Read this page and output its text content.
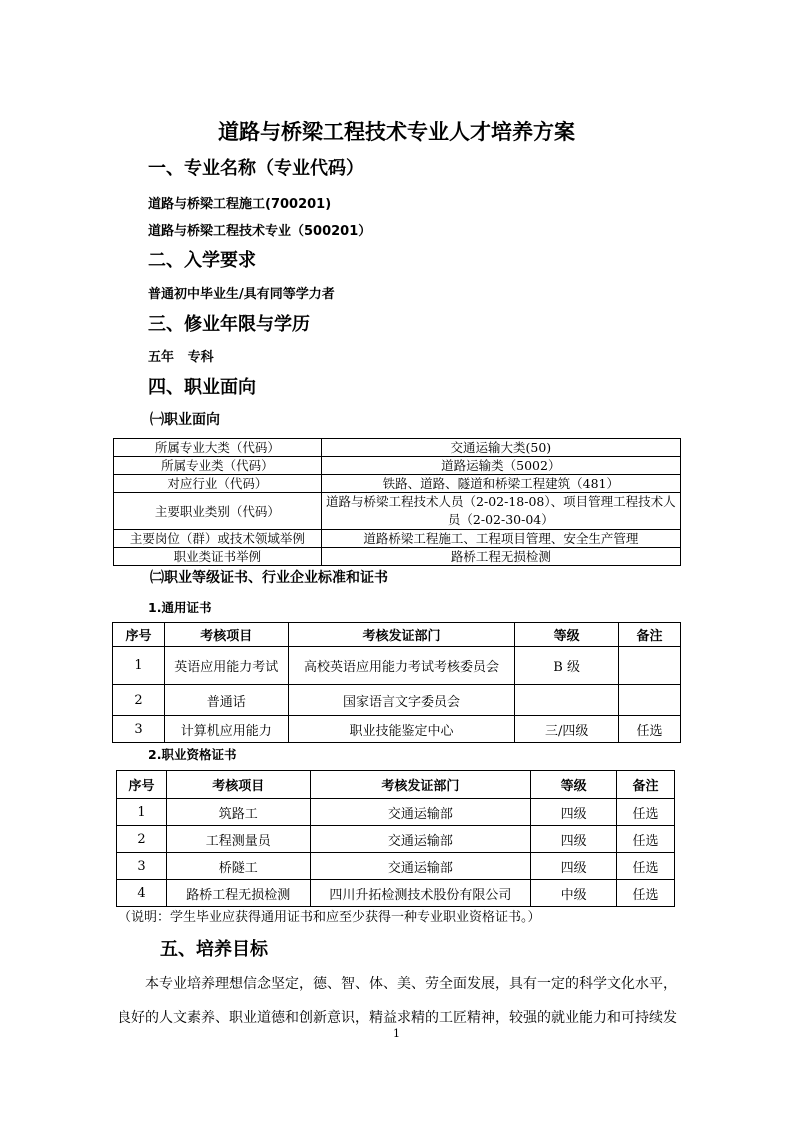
道路与桥梁工程技术专业人才培养方案
一、专业名称（专业代码）
道路与桥梁工程施工(700201)
道路与桥梁工程技术专业（500201）
二、入学要求
普通初中毕业生/具有同等学力者
三、修业年限与学历
五年   专科
四、职业面向
㈠职业面向
所属专业大类（代码）	交通运输大类(50)
所属专业类（代码）	道路运输类（5002）
对应行业（代码）	铁路、道路、隧道和桥梁工程建筑（481）
主要职业类别（代码）	道路与桥梁工程技术人员（2-02-18-08）、项目管理工程技术人员（2-02-30-04）
主要岗位（群）或技术领域举例	道路桥梁工程施工、工程项目管理、安全生产管理
职业类证书举例	路桥工程无损检测
㈡职业等级证书、行业企业标准和证书
1.通用证书
序号	考核项目	考核发证部门	等级	备注
1	英语应用能力考试	高校英语应用能力考试考核委员会	B 级	
2	普通话	国家语言文字委员会		
3	计算机应用能力	职业技能鉴定中心	三/四级	任选
2.职业资格证书
序号	考核项目	考核发证部门	等级	备注
1	筑路工	交通运输部	四级	任选
2	工程测量员	交通运输部	四级	任选
3	桥隧工	交通运输部	四级	任选
4	路桥工程无损检测	四川升拓检测技术股份有限公司	中级	任选
（说明：学生毕业应获得通用证书和应至少获得一种专业职业资格证书。）
五、培养目标
本专业培养理想信念坚定，德、智、体、美、劳全面发展，具有一定的科学文化水平，良好的人文素养、职业道德和创新意识，精益求精的工匠精神，较强的就业能力和可持续发
1
